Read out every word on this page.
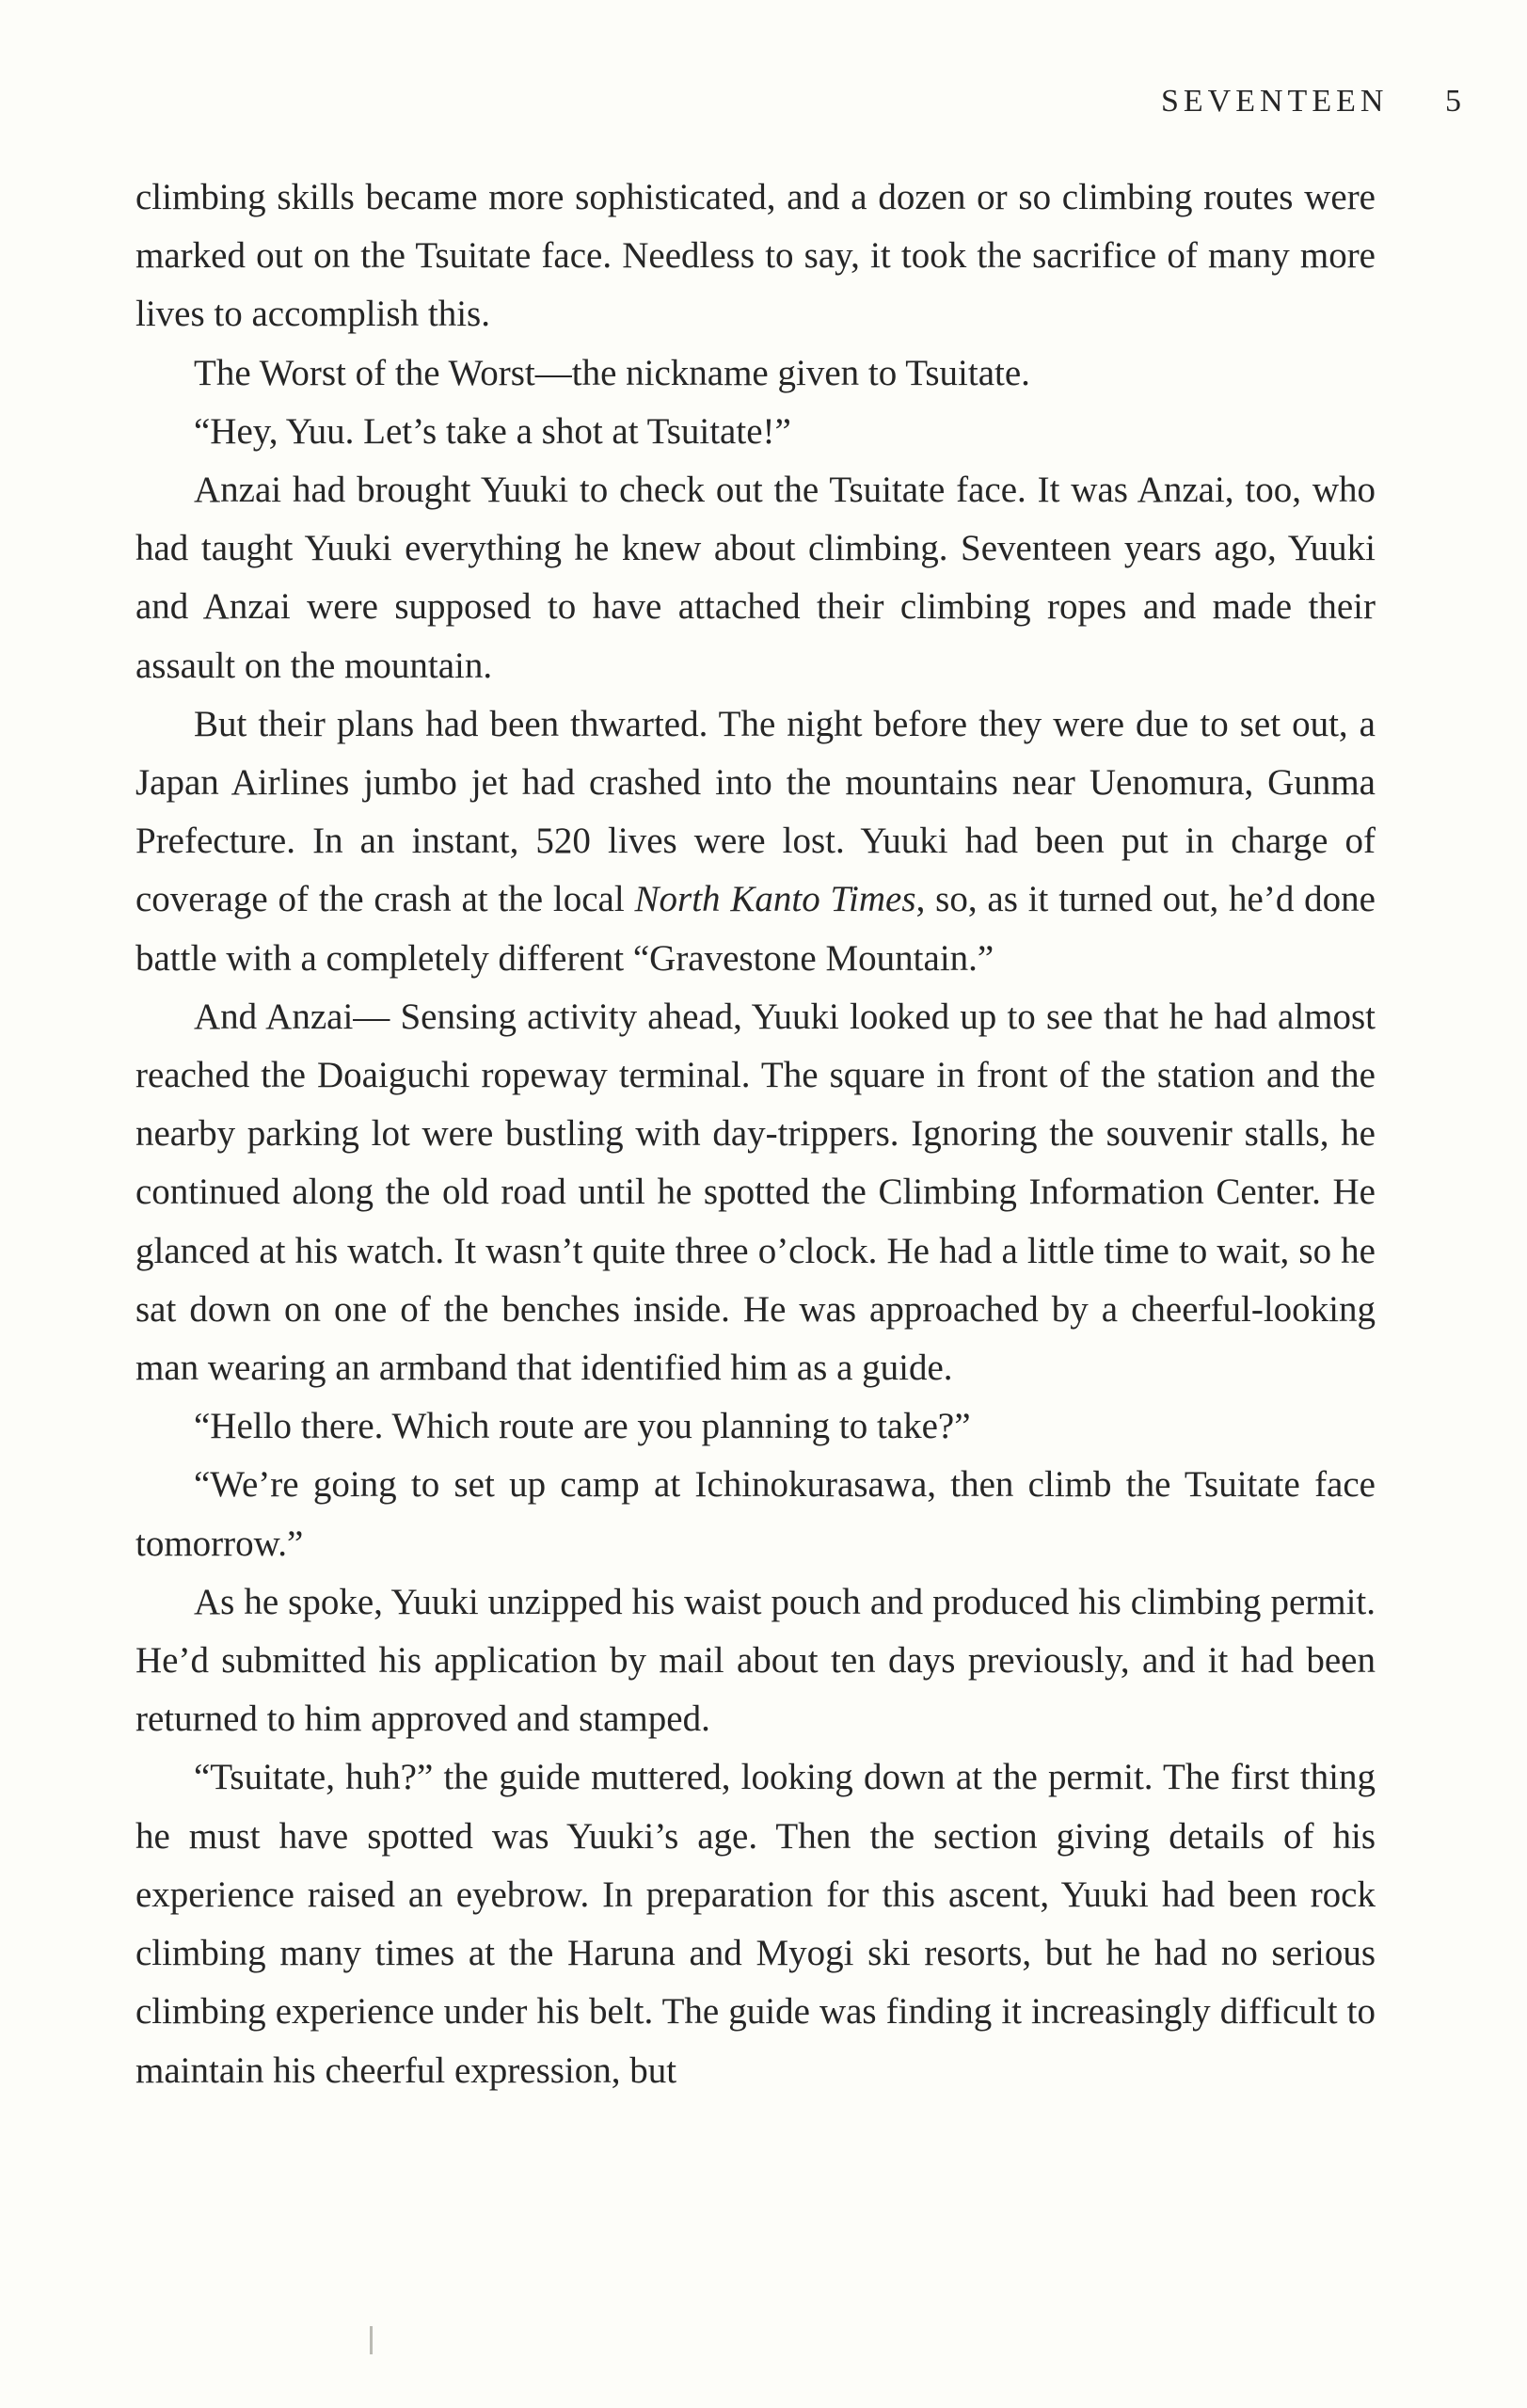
SEVENTEEN 5

climbing skills became more sophisticated, and a dozen or so climbing routes were marked out on the Tsuitate face. Needless to say, it took the sacrifice of many more lives to accomplish this.

The Worst of the Worst—the nickname given to Tsuitate.

“Hey, Yuu. Let’s take a shot at Tsuitate!”

Anzai had brought Yuuki to check out the Tsuitate face. It was Anzai, too, who had taught Yuuki everything he knew about climbing. Seventeen years ago, Yuuki and Anzai were supposed to have attached their climbing ropes and made their assault on the mountain.

But their plans had been thwarted. The night before they were due to set out, a Japan Airlines jumbo jet had crashed into the mountains near Uenomura, Gunma Prefecture. In an instant, 520 lives were lost. Yuuki had been put in charge of coverage of the crash at the local North Kanto Times, so, as it turned out, he’d done battle with a completely different “Gravestone Mountain.”

And Anzai— Sensing activity ahead, Yuuki looked up to see that he had almost reached the Doaiguchi ropeway terminal. The square in front of the station and the nearby parking lot were bustling with day-trippers. Ignoring the souvenir stalls, he continued along the old road until he spotted the Climbing Information Center. He glanced at his watch. It wasn’t quite three o’clock. He had a little time to wait, so he sat down on one of the benches inside. He was approached by a cheerful-looking man wearing an armband that identified him as a guide.

“Hello there. Which route are you planning to take?”

“We’re going to set up camp at Ichinokurasawa, then climb the Tsuitate face tomorrow.”

As he spoke, Yuuki unzipped his waist pouch and produced his climbing permit. He’d submitted his application by mail about ten days previously, and it had been returned to him approved and stamped.

“Tsuitate, huh?” the guide muttered, looking down at the permit. The first thing he must have spotted was Yuuki’s age. Then the section giving details of his experience raised an eyebrow. In preparation for this ascent, Yuuki had been rock climbing many times at the Haruna and Myogi ski resorts, but he had no serious climbing experience under his belt. The guide was finding it increasingly difficult to maintain his cheerful expression, but
